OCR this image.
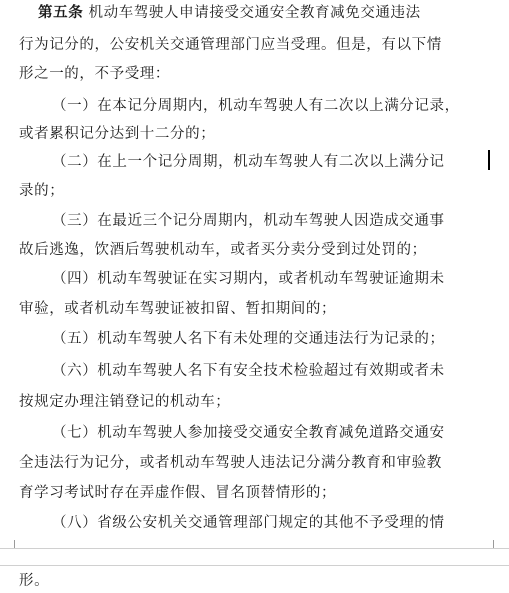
第五条 机动车驾驶人申请接受交通安全教育减免交通违法
行为记分的，公安机关交通管理部门应当受理。但是，有以下情
形之一的，不予受理：
（一）在本记分周期内，机动车驾驶人有二次以上满分记录，
或者累积记分达到十二分的；
（二）在上一个记分周期，机动车驾驶人有二次以上满分记
录的；
（三）在最近三个记分周期内，机动车驾驶人因造成交通事
故后逃逸，饮酒后驾驶机动车，或者买分卖分受到过处罚的；
（四）机动车驾驶证在实习期内，或者机动车驾驶证逾期未
审验，或者机动车驾驶证被扣留、暂扣期间的；
（五）机动车驾驶人名下有未处理的交通违法行为记录的；
（六）机动车驾驶人名下有安全技术检验超过有效期或者未
按规定办理注销登记的机动车；
（七）机动车驾驶人参加接受交通安全教育减免道路交通安
全违法行为记分，或者机动车驾驶人违法记分满分教育和审验教
育学习考试时存在弄虚作假、冒名顶替情形的；
（八）省级公安机关交通管理部门规定的其他不予受理的情
形。
